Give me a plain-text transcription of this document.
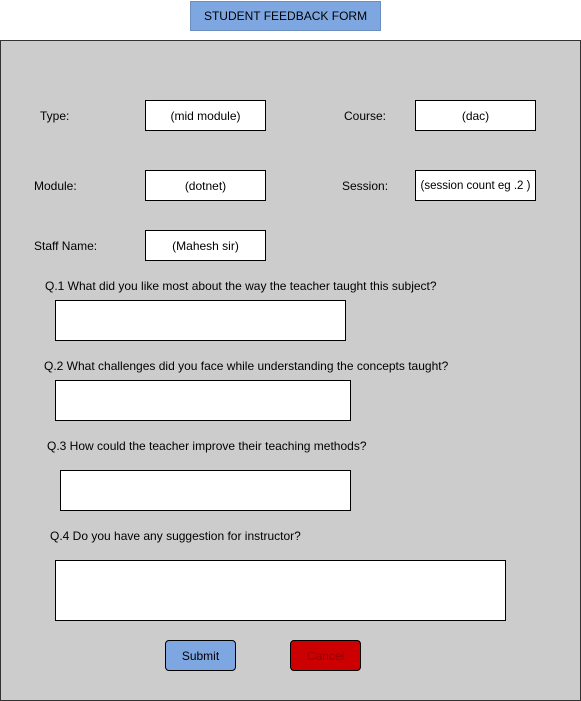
STUDENT FEEDBACK FORM
Type:	(mid module)	Course:	(dac)
Module:	(dotnet)	Session:	(session count eg .2 )
Staff Name:	(Mahesh sir)
Q.1 What did you like most about the way the teacher taught this subject?
Q.2 What challenges did you face while understanding the concepts taught?
Q.3 How could the teacher improve their teaching methods?
Q.4 Do you have any suggestion for instructor?
Submit	Cancel
